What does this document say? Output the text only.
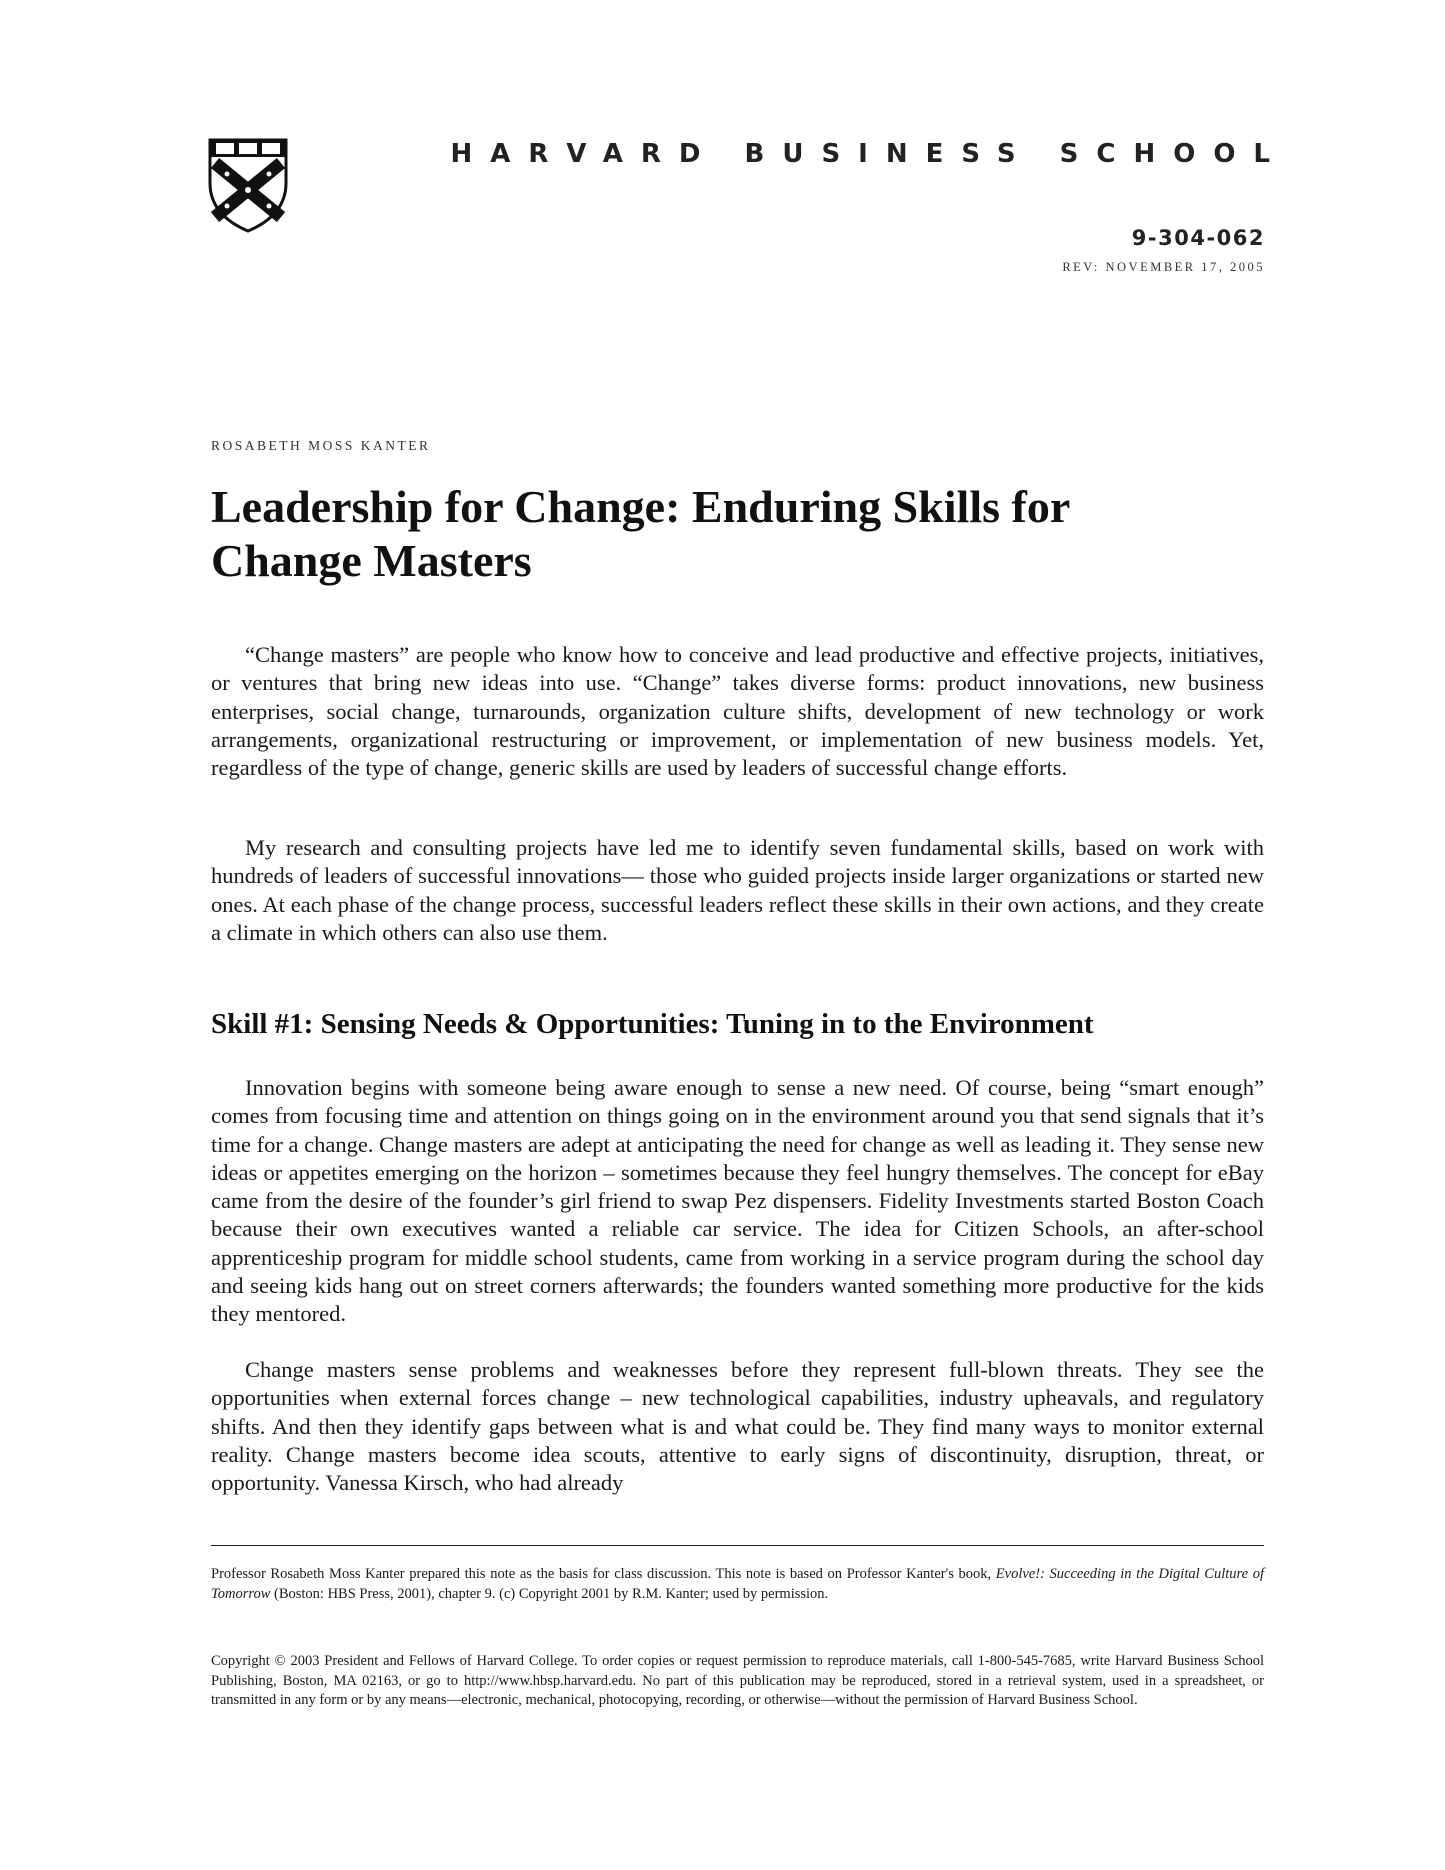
HARVARD BUSINESS SCHOOL
9-304-062
REV: NOVEMBER 17, 2005
ROSABETH MOSS KANTER
Leadership for Change: Enduring Skills for
Change Masters

“Change masters” are people who know how to conceive and lead productive and effective projects, initiatives, or ventures that bring new ideas into use. “Change” takes diverse forms: product innovations, new business enterprises, social change, turnarounds, organization culture shifts, development of new technology or work arrangements, organizational restructuring or improvement, or implementation of new business models. Yet, regardless of the type of change, generic skills are used by leaders of successful change efforts.

My research and consulting projects have led me to identify seven fundamental skills, based on work with hundreds of leaders of successful innovations— those who guided projects inside larger organizations or started new ones. At each phase of the change process, successful leaders reflect these skills in their own actions, and they create a climate in which others can also use them.

Skill #1: Sensing Needs & Opportunities: Tuning in to the Environment

Innovation begins with someone being aware enough to sense a new need. Of course, being “smart enough” comes from focusing time and attention on things going on in the environment around you that send signals that it’s time for a change. Change masters are adept at anticipating the need for change as well as leading it. They sense new ideas or appetites emerging on the horizon – sometimes because they feel hungry themselves. The concept for eBay came from the desire of the founder’s girl friend to swap Pez dispensers. Fidelity Investments started Boston Coach because their own executives wanted a reliable car service. The idea for Citizen Schools, an after-school apprenticeship program for middle school students, came from working in a service program during the school day and seeing kids hang out on street corners afterwards; the founders wanted something more productive for the kids they mentored.

Change masters sense problems and weaknesses before they represent full-blown threats. They see the opportunities when external forces change – new technological capabilities, industry upheavals, and regulatory shifts. And then they identify gaps between what is and what could be. They find many ways to monitor external reality. Change masters become idea scouts, attentive to early signs of discontinuity, disruption, threat, or opportunity. Vanessa Kirsch, who had already

Professor Rosabeth Moss Kanter prepared this note as the basis for class discussion. This note is based on Professor Kanter's book, Evolve!: Succeeding in the Digital Culture of Tomorrow (Boston: HBS Press, 2001), chapter 9. (c) Copyright 2001 by R.M. Kanter; used by permission.

Copyright © 2003 President and Fellows of Harvard College. To order copies or request permission to reproduce materials, call 1-800-545-7685, write Harvard Business School Publishing, Boston, MA 02163, or go to http://www.hbsp.harvard.edu. No part of this publication may be reproduced, stored in a retrieval system, used in a spreadsheet, or transmitted in any form or by any means—electronic, mechanical, photocopying, recording, or otherwise—without the permission of Harvard Business School.
